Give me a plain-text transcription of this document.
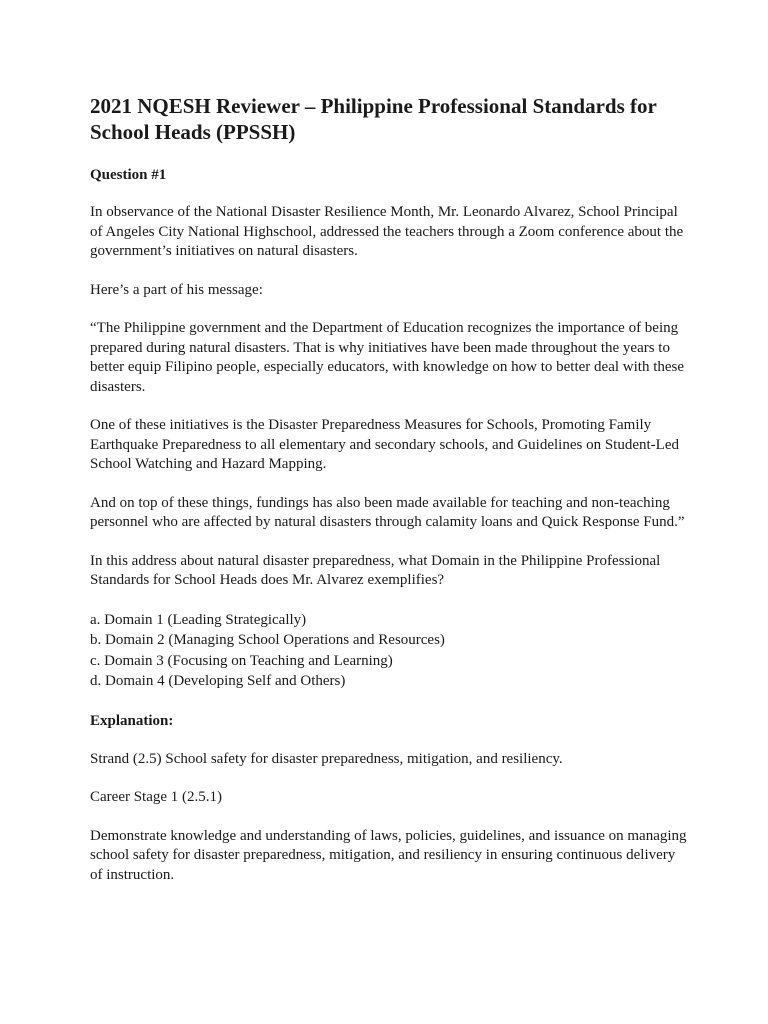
2021 NQESH Reviewer – Philippine Professional Standards for School Heads (PPSSH)
Question #1

In observance of the National Disaster Resilience Month, Mr. Leonardo Alvarez, School Principal of Angeles City National Highschool, addressed the teachers through a Zoom conference about the government’s initiatives on natural disasters.

Here’s a part of his message:

“The Philippine government and the Department of Education recognizes the importance of being prepared during natural disasters. That is why initiatives have been made throughout the years to better equip Filipino people, especially educators, with knowledge on how to better deal with these disasters.

One of these initiatives is the Disaster Preparedness Measures for Schools, Promoting Family Earthquake Preparedness to all elementary and secondary schools, and Guidelines on Student-Led School Watching and Hazard Mapping.

And on top of these things, fundings has also been made available for teaching and non-teaching personnel who are affected by natural disasters through calamity loans and Quick Response Fund.”

In this address about natural disaster preparedness, what Domain in the Philippine Professional Standards for School Heads does Mr. Alvarez exemplifies?

a. Domain 1 (Leading Strategically)
b. Domain 2 (Managing School Operations and Resources)
c. Domain 3 (Focusing on Teaching and Learning)
d. Domain 4 (Developing Self and Others)
Explanation:

Strand (2.5) School safety for disaster preparedness, mitigation, and resiliency.

Career Stage 1 (2.5.1)

Demonstrate knowledge and understanding of laws, policies, guidelines, and issuance on managing school safety for disaster preparedness, mitigation, and resiliency in ensuring continuous delivery of instruction.
